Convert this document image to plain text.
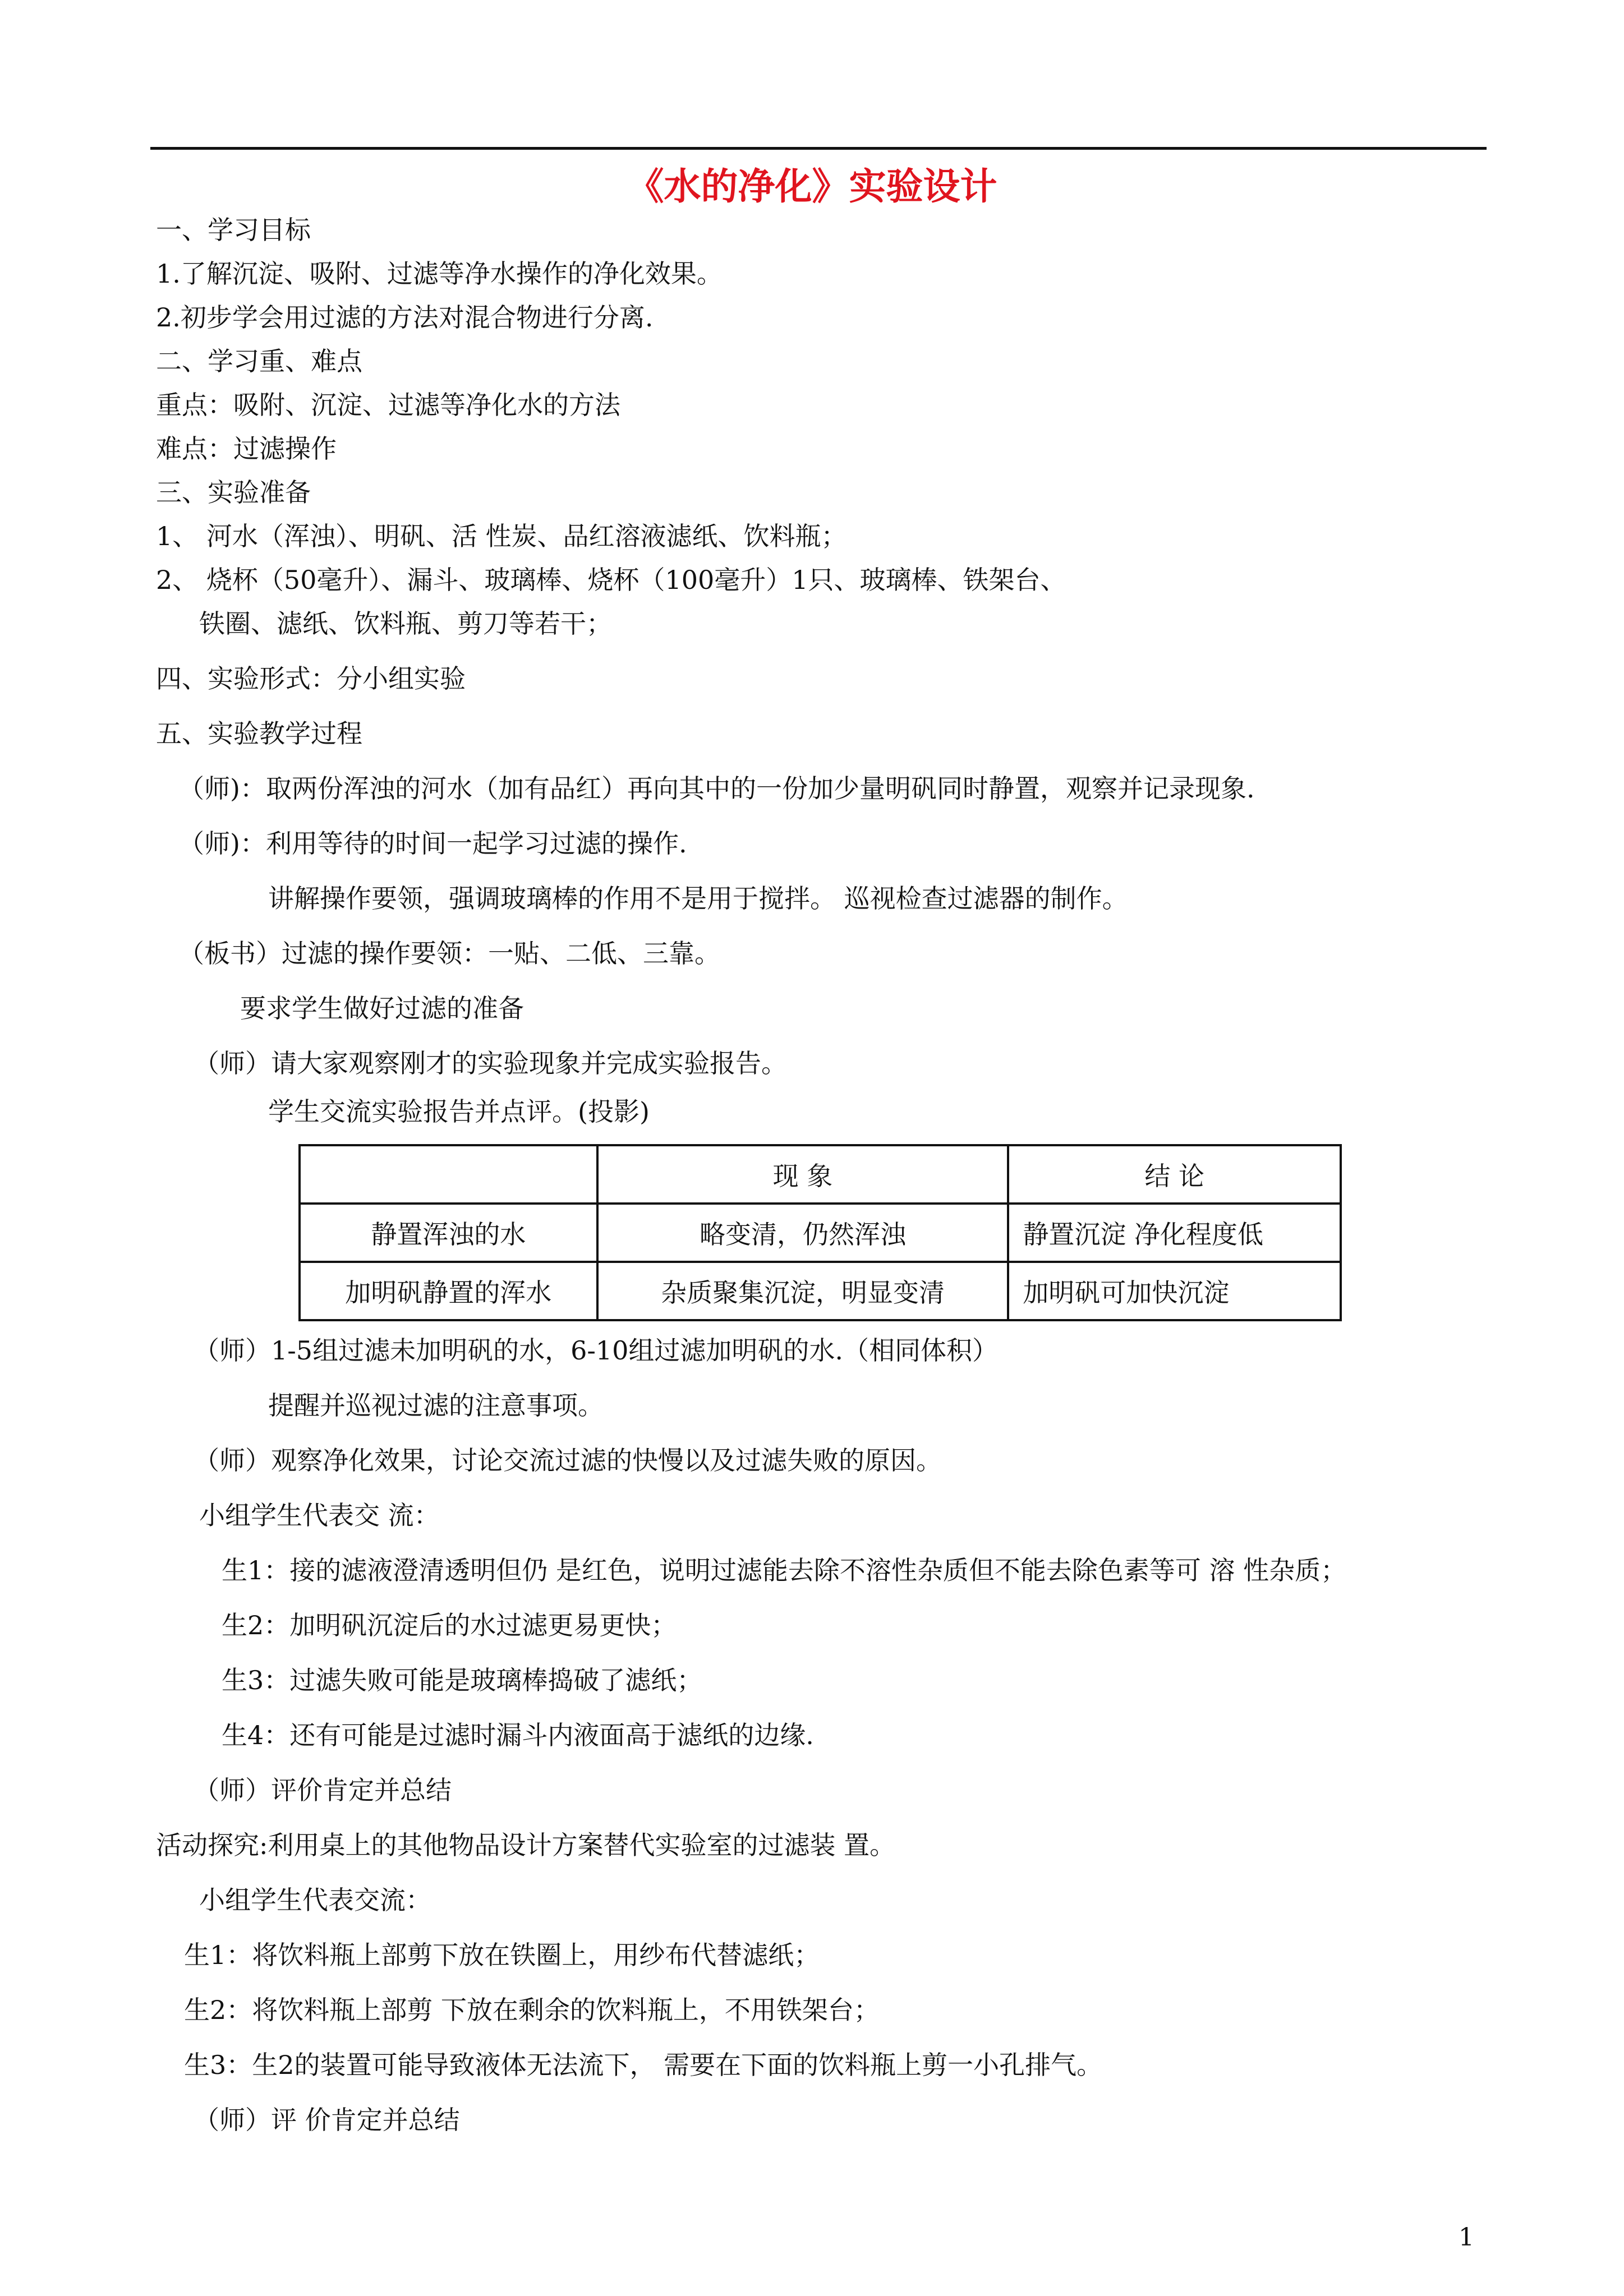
《水的净化》实验设计
一、学习目标
1.了解沉淀、吸附、过滤等净水操作的净化效果。
2.初步学会用过滤的方法对混合物进行分离.
二、学习重、难点
重点：吸附、沉淀、过滤等净化水的方法
难点：过滤操作
三、实验准备
1、 河水（浑浊）、明矾、活 性炭、品红溶液滤纸、饮料瓶；
2、 烧杯（50毫升）、漏斗、玻璃棒、烧杯（100毫升）1只、玻璃棒、铁架台、
铁圈、滤纸、饮料瓶、剪刀等若干；
四、实验形式：分小组实验
五、实验教学过程
（师)：取两份浑浊的河水（加有品红）再向其中的一份加少量明矾同时静置，观察并记录现象.
（师)：利用等待的时间一起学习过滤的操作.
讲解操作要领，强调玻璃棒的作用不是用于搅拌。 巡视检查过滤器的制作。
（板书）过滤的操作要领：一贴、二低、三靠。
要求学生做好过滤的准备
（师）请大家观察刚才的实验现象并完成实验报告。
学生交流实验报告并点评。(投影)
	现 象	结 论
静置浑浊的水	略变清，仍然浑浊	静置沉淀 净化程度低
加明矾静置的浑水	杂质聚集沉淀，明显变清	加明矾可加快沉淀
（师）1-5组过滤未加明矾的水，6-10组过滤加明矾的水.（相同体积）
提醒并巡视过滤的注意事项。
（师）观察净化效果，讨论交流过滤的快慢以及过滤失败的原因。
小组学生代表交 流：
生1：接的滤液澄清透明但仍 是红色，说明过滤能去除不溶性杂质但不能去除色素等可 溶 性杂质；
生2：加明矾沉淀后的水过滤更易更快；
生3：过滤失败可能是玻璃棒捣破了滤纸；
生4：还有可能是过滤时漏斗内液面高于滤纸的边缘.
（师）评价肯定并总结
活动探究:利用桌上的其他物品设计方案替代实验室的过滤装 置。
小组学生代表交流：
生1：将饮料瓶上部剪下放在铁圈上，用纱布代替滤纸；
生2：将饮料瓶上部剪 下放在剩余的饮料瓶上，不用铁架台；
生3：生2的装置可能导致液体无法流下， 需要在下面的饮料瓶上剪一小孔排气。
（师）评 价肯定并总结
1
